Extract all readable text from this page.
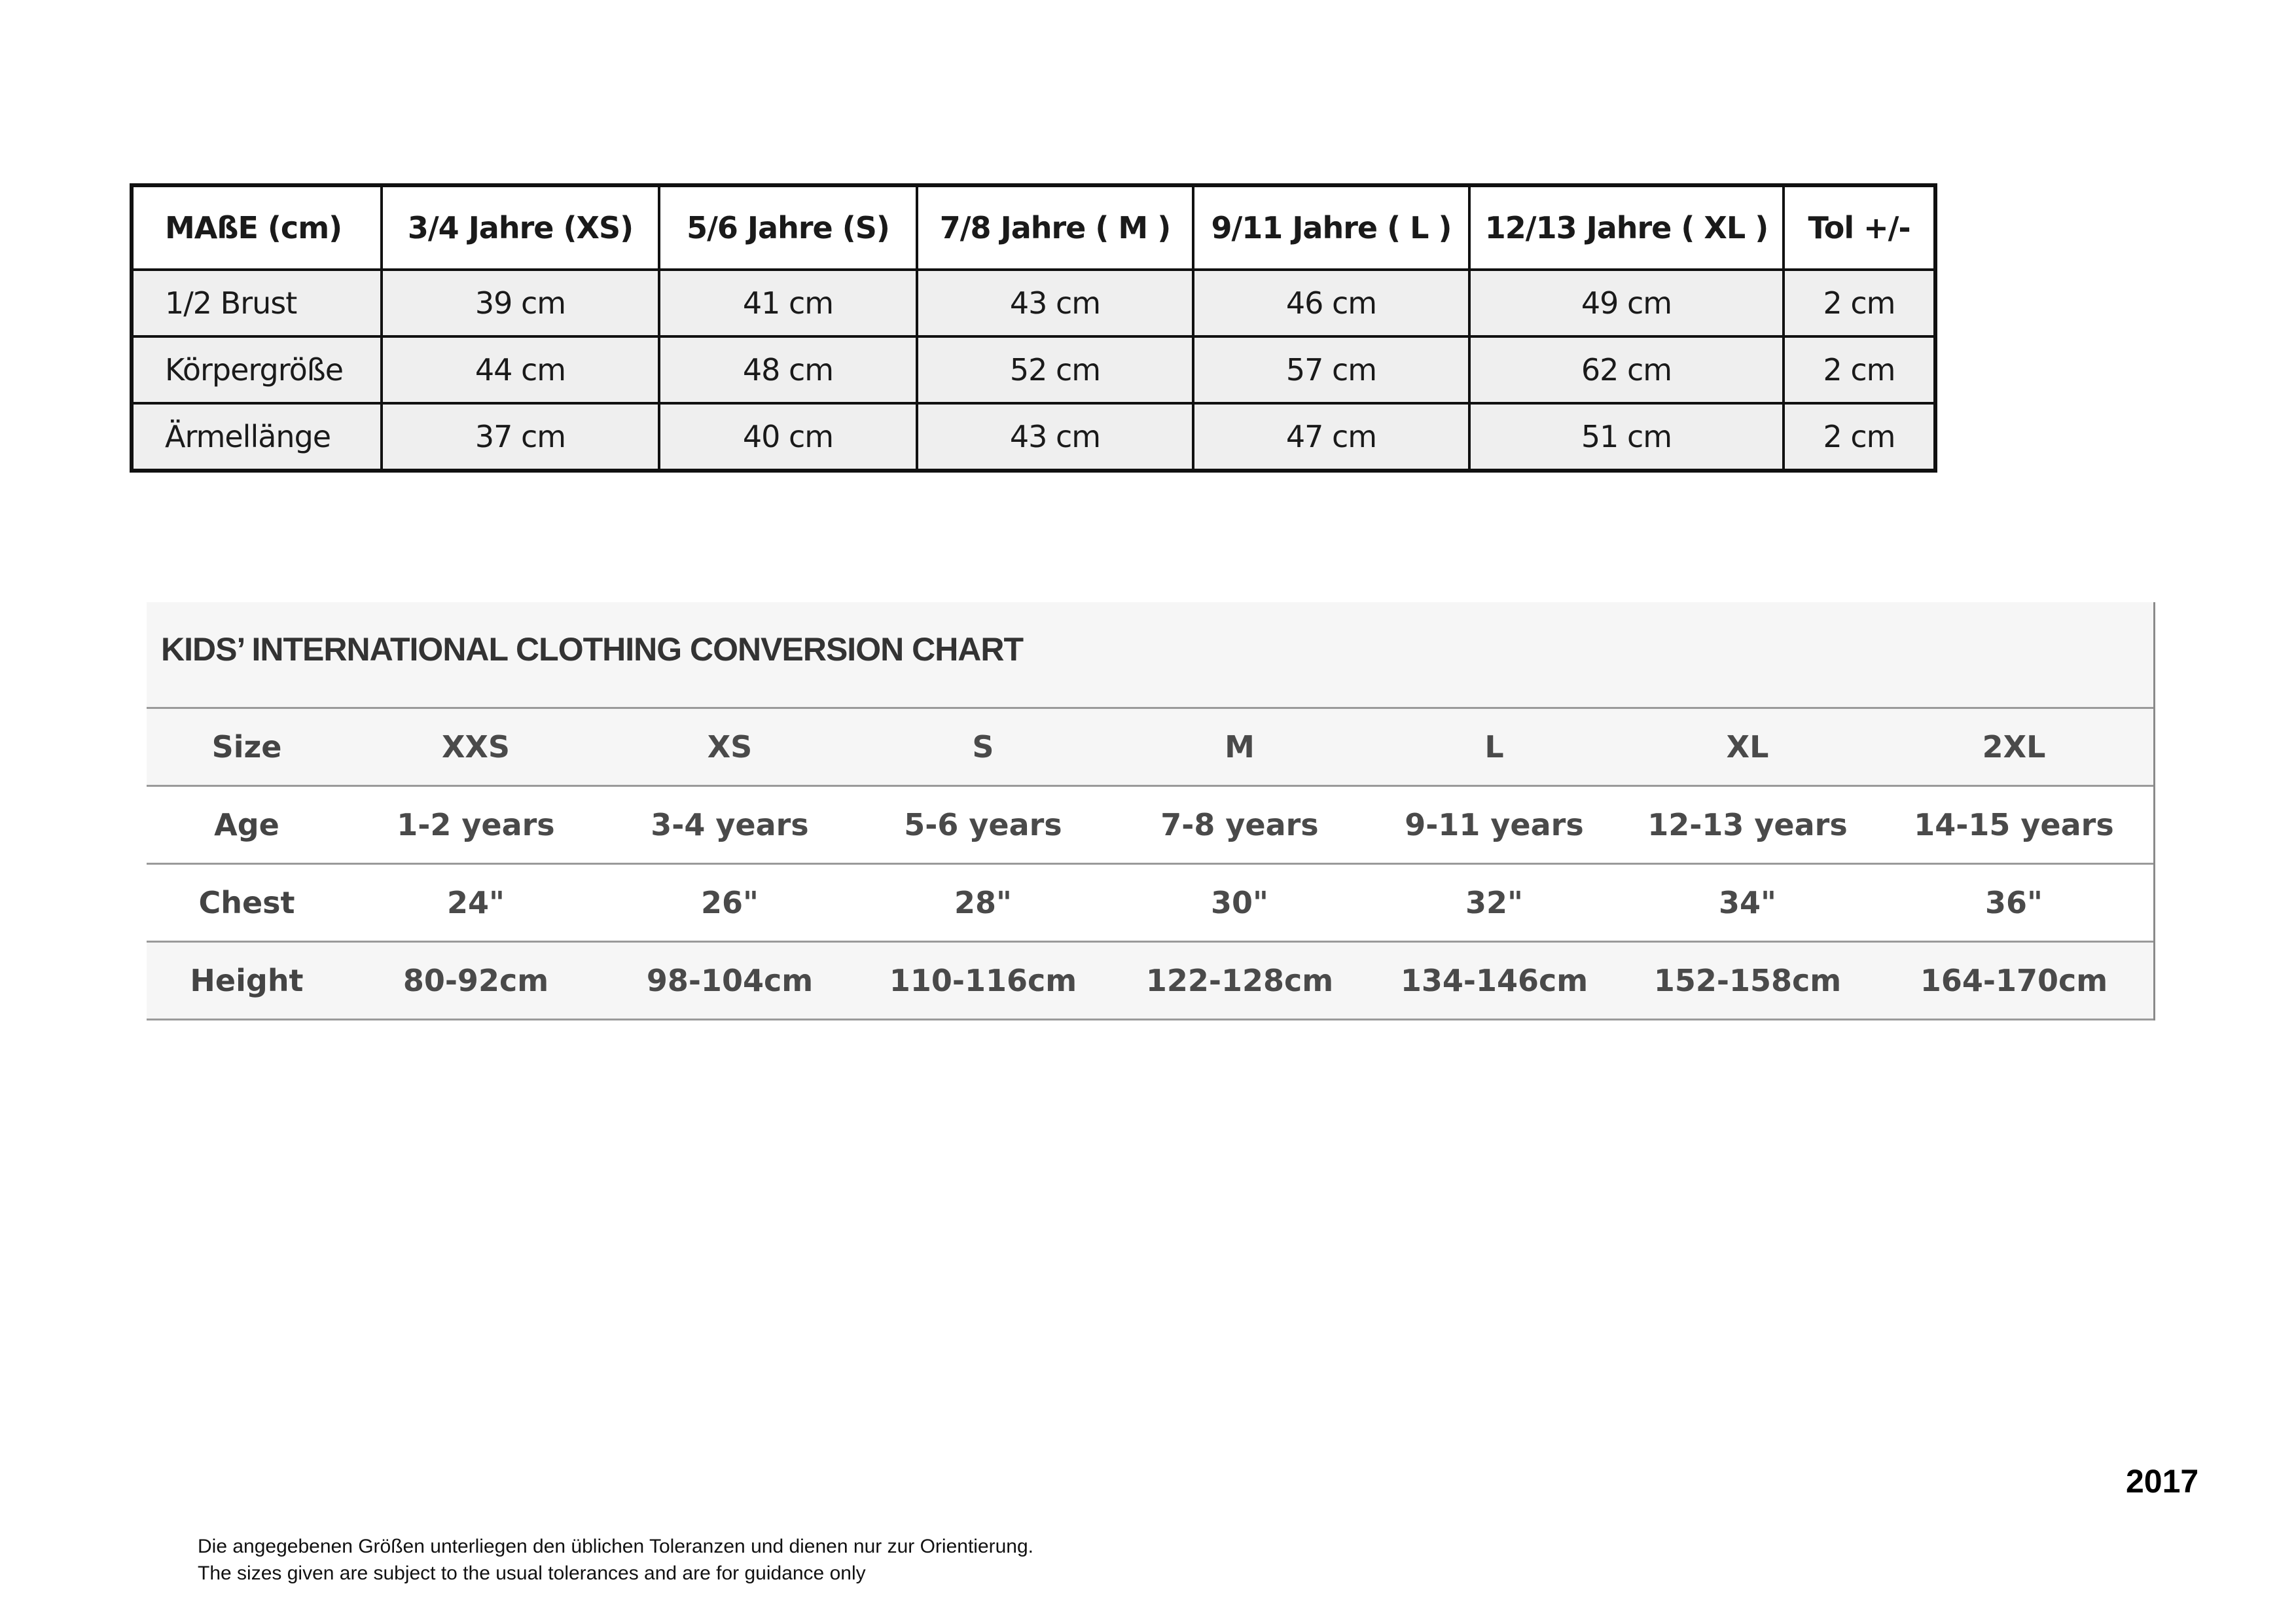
MAßE (cm)	3/4 Jahre (XS)	5/6 Jahre (S)	7/8 Jahre ( M )	9/11 Jahre ( L )	12/13 Jahre ( XL )	Tol +/-
1/2 Brust	39 cm	41 cm	43 cm	46 cm	49 cm	2 cm
Körpergröße	44 cm	48 cm	52 cm	57 cm	62 cm	2 cm
Ärmellänge	37 cm	40 cm	43 cm	47 cm	51 cm	2 cm
KIDS’ INTERNATIONAL CLOTHING CONVERSION CHART
Size	XXS	XS	S	M	L	XL	2XL
Age	1-2 years	3-4 years	5-6 years	7-8 years	9-11 years	12-13 years	14-15 years
Chest	24"	26"	28"	30"	32"	34"	36"
Height	80-92cm	98-104cm	110-116cm	122-128cm	134-146cm	152-158cm	164-170cm
2017
Die angegebenen Größen unterliegen den üblichen Toleranzen und dienen nur zur Orientierung.
The sizes given are subject to the usual tolerances and are for guidance only
